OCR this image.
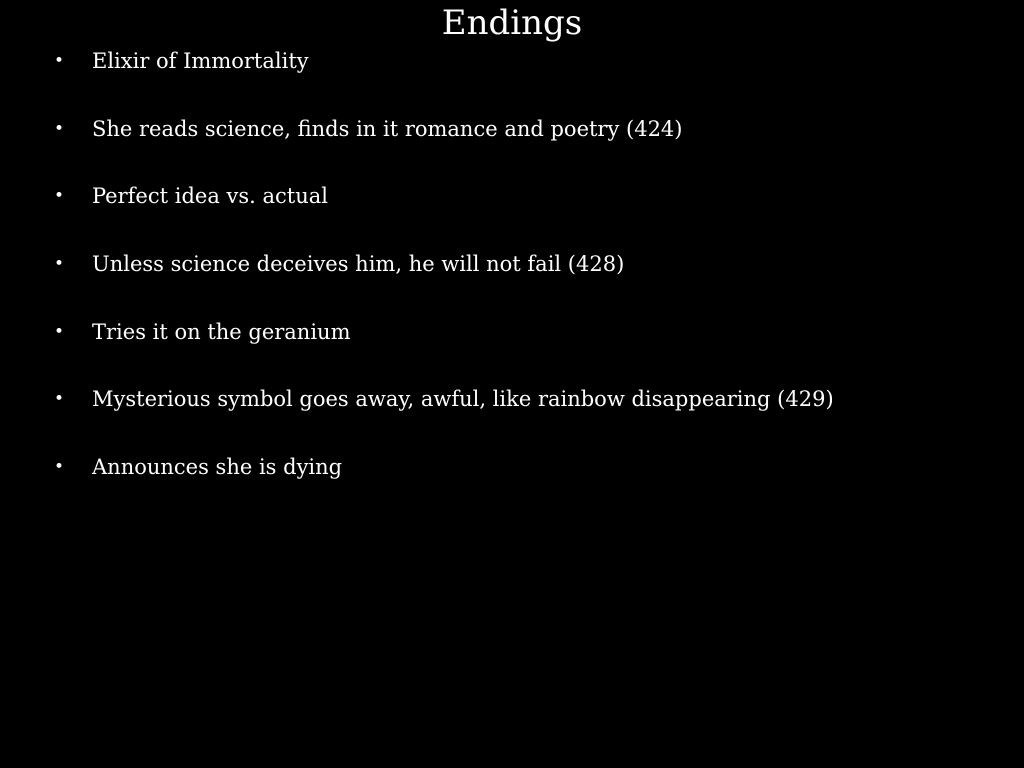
Endings
• Elixir of Immortality
• She reads science, finds in it romance and poetry (424)
• Perfect idea vs. actual
• Unless science deceives him, he will not fail (428)
• Tries it on the geranium
• Mysterious symbol goes away, awful, like rainbow disappearing (429)
• Announces she is dying
